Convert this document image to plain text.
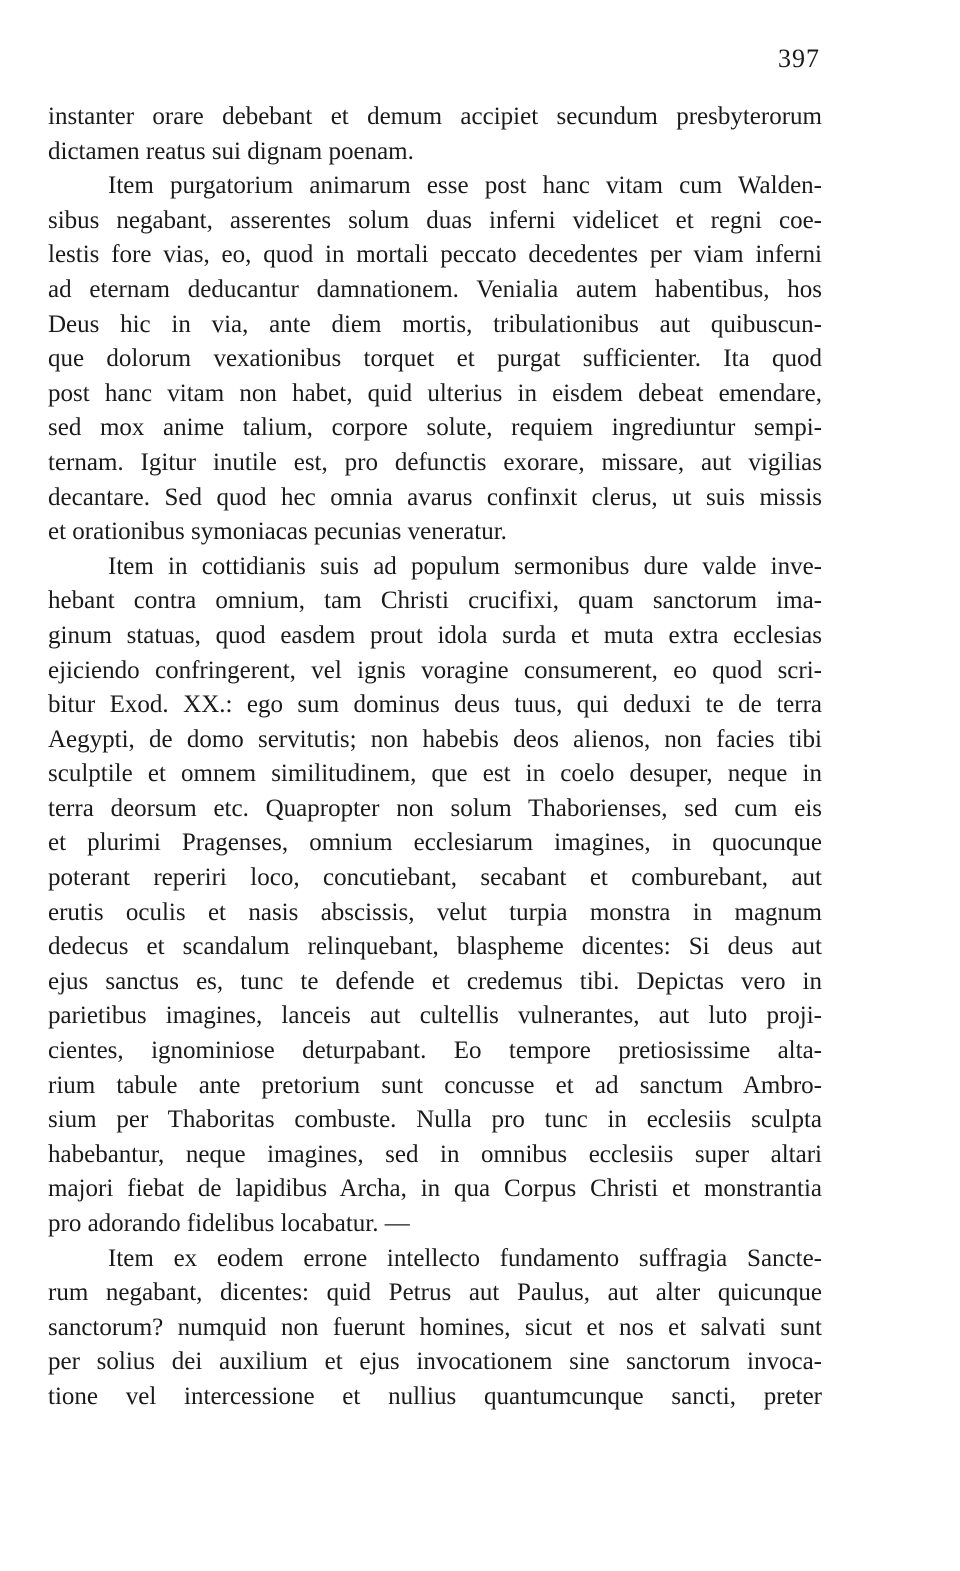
397
instanter orare debebant et demum accipiet secundum presbyterorum
dictamen reatus sui dignam poenam.
Item purgatorium animarum esse post hanc vitam cum Walden-
sibus negabant, asserentes solum duas inferni videlicet et regni coe-
lestis fore vias, eo, quod in mortali peccato decedentes per viam inferni
ad eternam deducantur damnationem. Venialia autem habentibus, hos
Deus hic in via, ante diem mortis, tribulationibus aut quibuscun-
que dolorum vexationibus torquet et purgat sufficienter. Ita quod
post hanc vitam non habet, quid ulterius in eisdem debeat emendare,
sed mox anime talium, corpore solute, requiem ingrediuntur sempi-
ternam. Igitur inutile est, pro defunctis exorare, missare, aut vigilias
decantare. Sed quod hec omnia avarus confinxit clerus, ut suis missis
et orationibus symoniacas pecunias veneratur.
Item in cottidianis suis ad populum sermonibus dure valde inve-
hebant contra omnium, tam Christi crucifixi, quam sanctorum ima-
ginum statuas, quod easdem prout idola surda et muta extra ecclesias
ejiciendo confringerent, vel ignis voragine consumerent, eo quod scri-
bitur Exod. XX.: ego sum dominus deus tuus, qui deduxi te de terra
Aegypti, de domo servitutis; non habebis deos alienos, non facies tibi
sculptile et omnem similitudinem, que est in coelo desuper, neque in
terra deorsum etc. Quapropter non solum Thaborienses, sed cum eis
et plurimi Pragenses, omnium ecclesiarum imagines, in quocunque
poterant reperiri loco, concutiebant, secabant et comburebant, aut
erutis oculis et nasis abscissis, velut turpia monstra in magnum
dedecus et scandalum relinquebant, blaspheme dicentes: Si deus aut
ejus sanctus es, tunc te defende et credemus tibi. Depictas vero in
parietibus imagines, lanceis aut cultellis vulnerantes, aut luto proji-
cientes, ignominiose deturpabant. Eo tempore pretiosissime alta-
rium tabule ante pretorium sunt concusse et ad sanctum Ambro-
sium per Thaboritas combuste. Nulla pro tunc in ecclesiis sculpta
habebantur, neque imagines, sed in omnibus ecclesiis super altari
majori fiebat de lapidibus Archa, in qua Corpus Christi et monstrantia
pro adorando fidelibus locabatur. —
Item ex eodem errone intellecto fundamento suffragia Sancte-
rum negabant, dicentes: quid Petrus aut Paulus, aut alter quicunque
sanctorum? numquid non fuerunt homines, sicut et nos et salvati sunt
per solius dei auxilium et ejus invocationem sine sanctorum invoca-
tione vel intercessione et nullius quantumcunque sancti, preter
